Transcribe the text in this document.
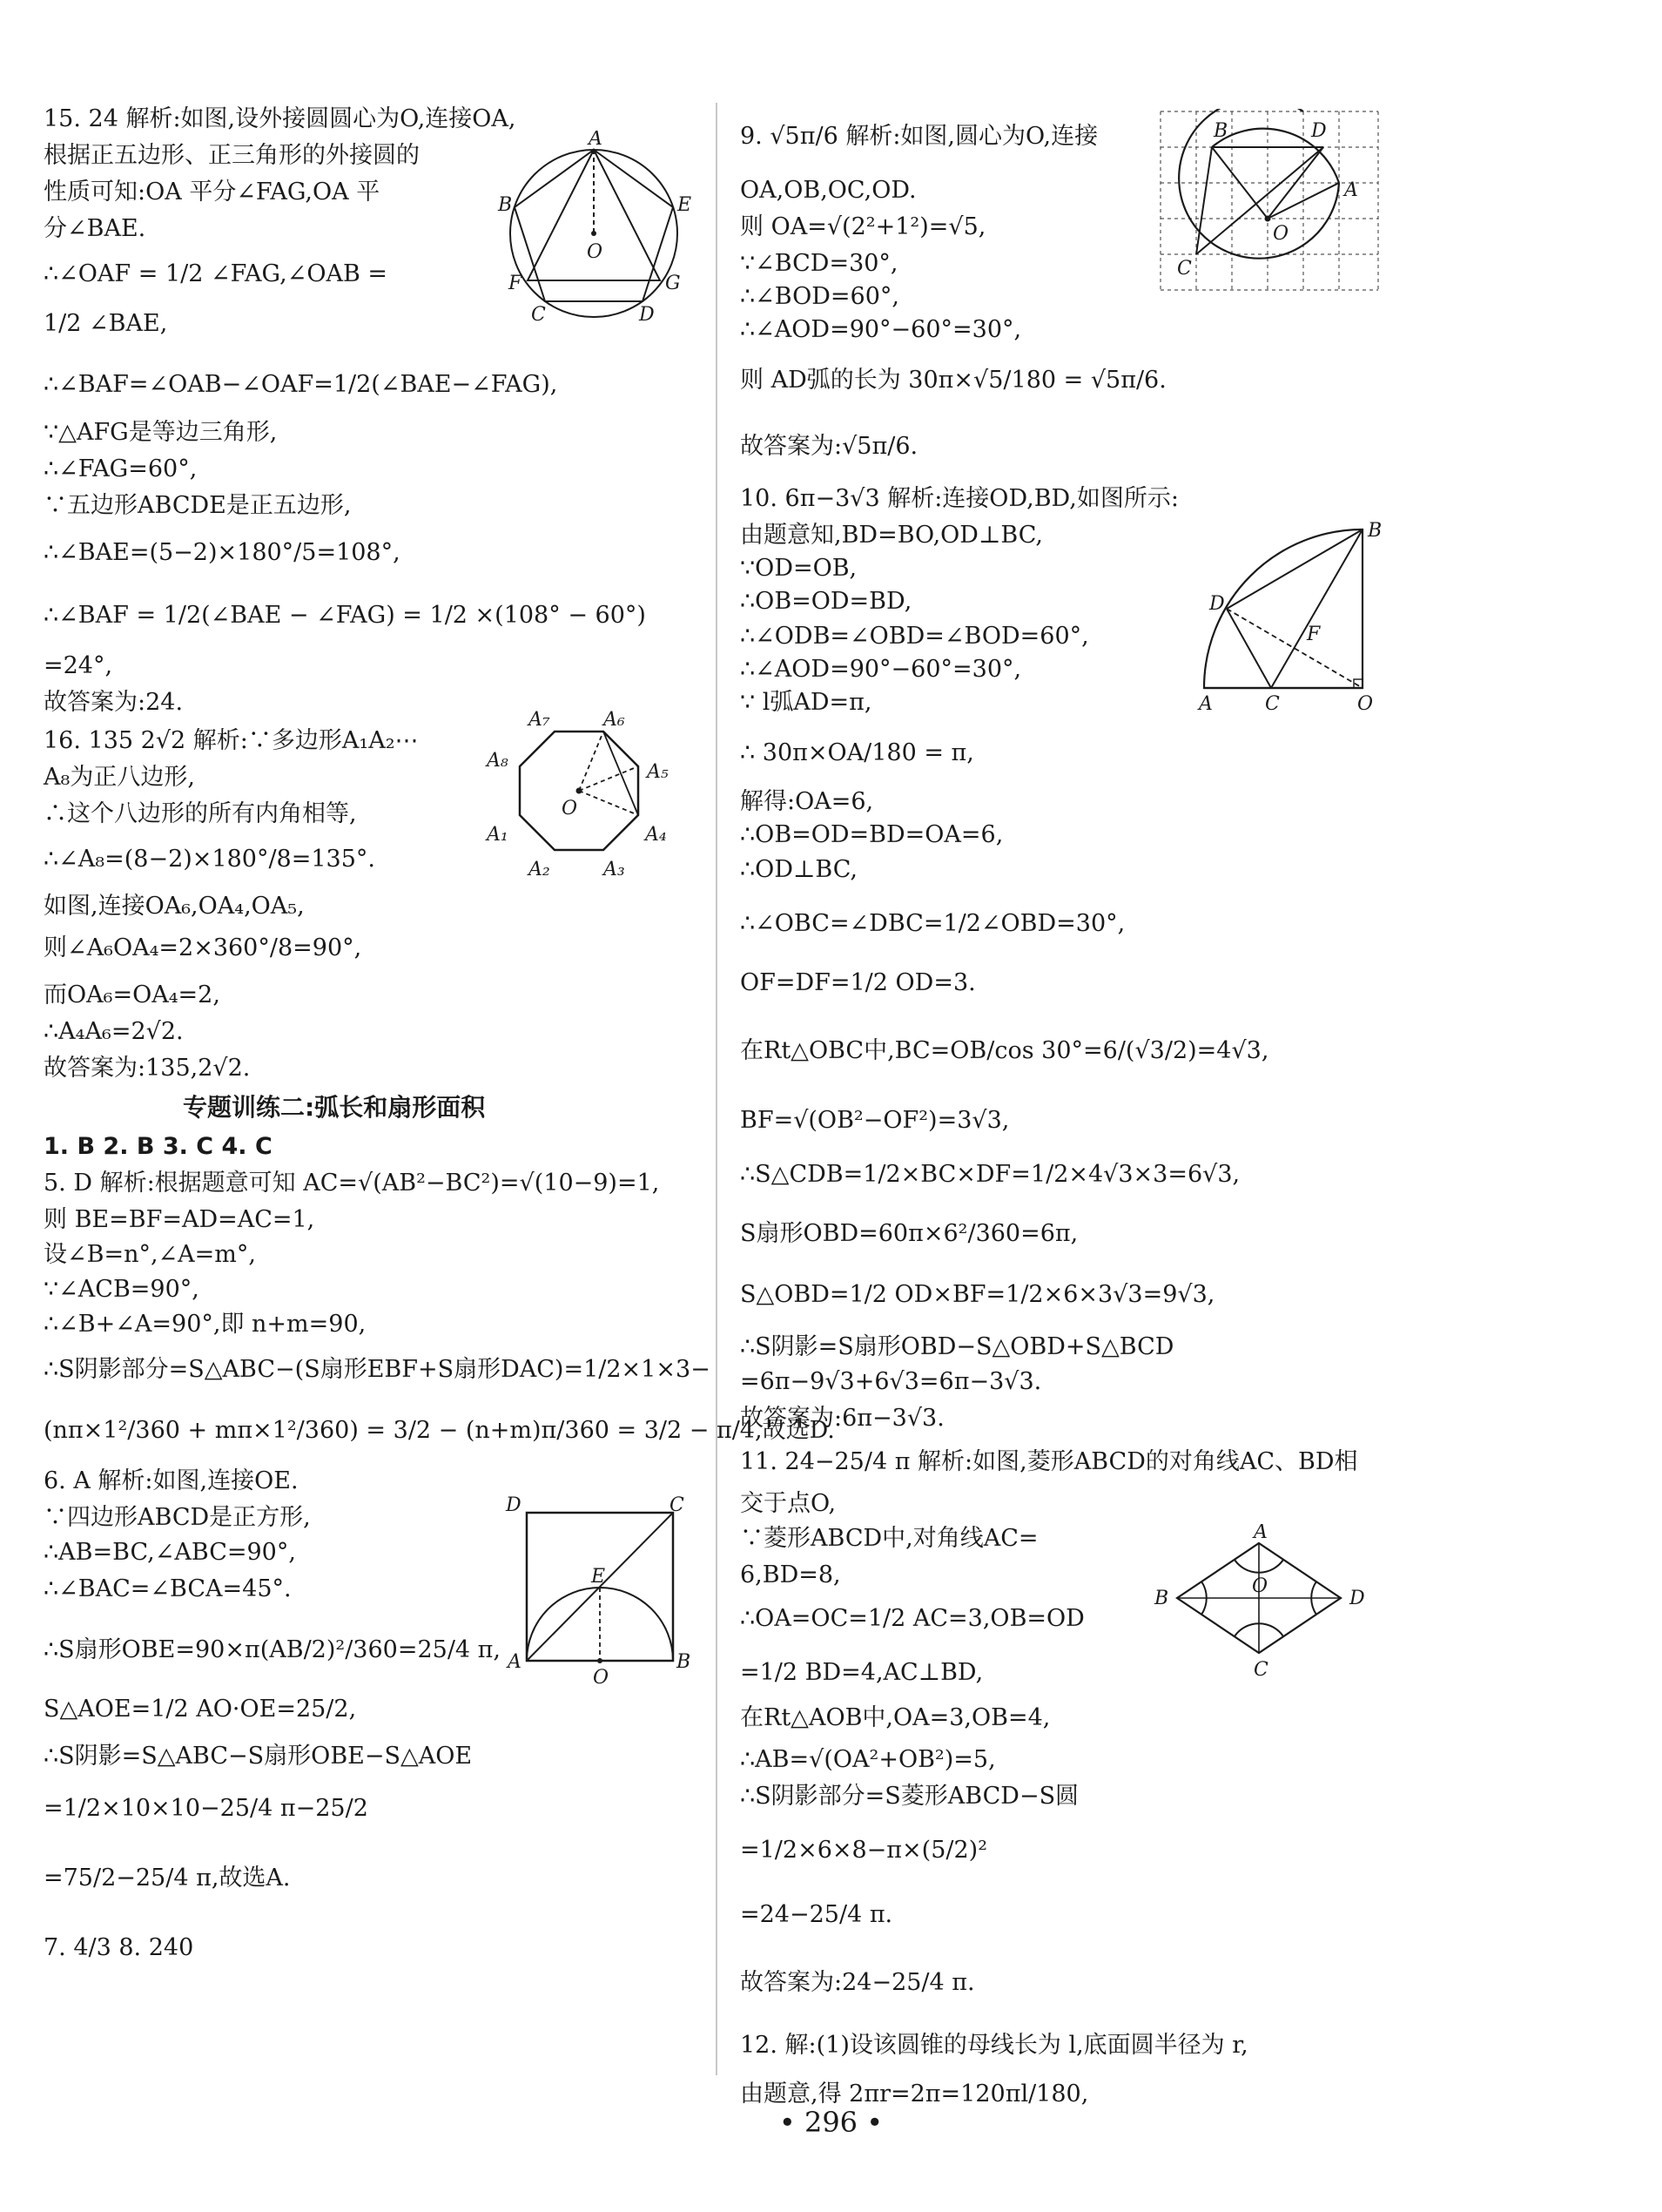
15. 24 解析:如图,设外接圆圆心为O,连接OA,
根据正五边形、正三角形的外接圆的
性质可知:OA 平分∠FAG,OA 平
分∠BAE.
∴∠OAF = 1/2 ∠FAG,∠OAB =
1/2 ∠BAE,
∴∠BAF=∠OAB−∠OAF=1/2(∠BAE−∠FAG),
∵△AFG是等边三角形,
∴∠FAG=60°,
∵五边形ABCDE是正五边形,
∴∠BAE=(5−2)×180°/5=108°,
∴∠BAF = 1/2(∠BAE − ∠FAG) = 1/2 ×(108° − 60°)
=24°,
故答案为:24.
16. 135 2√2 解析:∵多边形A₁A₂⋯
A₈为正八边形,
∴这个八边形的所有内角相等,
∴∠A₈=(8−2)×180°/8=135°.
如图,连接OA₆,OA₄,OA₅,
则∠A₆OA₄=2×360°/8=90°,
而OA₆=OA₄=2,
∴A₄A₆=2√2.
故答案为:135,2√2.
专题训练二:弧长和扇形面积
1. B 2. B 3. C 4. C
5. D 解析:根据题意可知 AC=√(AB²−BC²)=√(10−9)=1,
则 BE=BF=AD=AC=1,
设∠B=n°,∠A=m°,
∵∠ACB=90°,
∴∠B+∠A=90°,即 n+m=90,
∴S阴影部分=S△ABC−(S扇形EBF+S扇形DAC)=1/2×1×3−
(nπ×1²/360 + mπ×1²/360) = 3/2 − (n+m)π/360 = 3/2 − π/4,故选D.
6. A 解析:如图,连接OE.
∵四边形ABCD是正方形,
∴AB=BC,∠ABC=90°,
∴∠BAC=∠BCA=45°.
∴S扇形OBE=90×π(AB/2)²/360=25/4 π,
S△AOE=1/2 AO·OE=25/2,
∴S阴影=S△ABC−S扇形OBE−S△AOE
=1/2×10×10−25/4 π−25/2
=75/2−25/4 π,故选A.
7. 4/3 8. 240
A
B	E
O
F	G
C	D
A₇	A₆
A₈
A₅
O
A₁	A₄
A₂	A₃
D	C
E
A
O
B
9. √5π/6 解析:如图,圆心为O,连接
OA,OB,OC,OD.
则 OA=√(2²+1²)=√5,
∵∠BCD=30°,
∴∠BOD=60°,
∴∠AOD=90°−60°=30°,
则 AD弧的长为 30π×√5/180 = √5π/6.
故答案为:√5π/6.
10. 6π−3√3 解析:连接OD,BD,如图所示:
由题意知,BD=BO,OD⊥BC,
∵OD=OB,
∴OB=OD=BD,
∴∠ODB=∠OBD=∠BOD=60°,
∴∠AOD=90°−60°=30°,
∵ l弧AD=π,
∴ 30π×OA/180 = π,
解得:OA=6,
∴OB=OD=BD=OA=6,
∴OD⊥BC,
∴∠OBC=∠DBC=1/2∠OBD=30°,
OF=DF=1/2 OD=3.
在Rt△OBC中,BC=OB/cos 30°=6/(√3/2)=4√3,
BF=√(OB²−OF²)=3√3,
∴S△CDB=1/2×BC×DF=1/2×4√3×3=6√3,
S扇形OBD=60π×6²/360=6π,
S△OBD=1/2 OD×BF=1/2×6×3√3=9√3,
∴S阴影=S扇形OBD−S△OBD+S△BCD
=6π−9√3+6√3=6π−3√3.
故答案为:6π−3√3.
11. 24−25/4 π 解析:如图,菱形ABCD的对角线AC、BD相
交于点O,
∵菱形ABCD中,对角线AC=
6,BD=8,
∴OA=OC=1/2 AC=3,OB=OD
=1/2 BD=4,AC⊥BD,
在Rt△AOB中,OA=3,OB=4,
∴AB=√(OA²+OB²)=5,
∴S阴影部分=S菱形ABCD−S圆
=1/2×6×8−π×(5/2)²
=24−25/4 π.
故答案为:24−25/4 π.
12. 解:(1)设该圆锥的母线长为 l,底面圆半径为 r,
由题意,得 2πr=2π=120πl/180,
B	D
A
O
C
B
D
F
A	C	O
A
B
O
D
C
• 296 •
